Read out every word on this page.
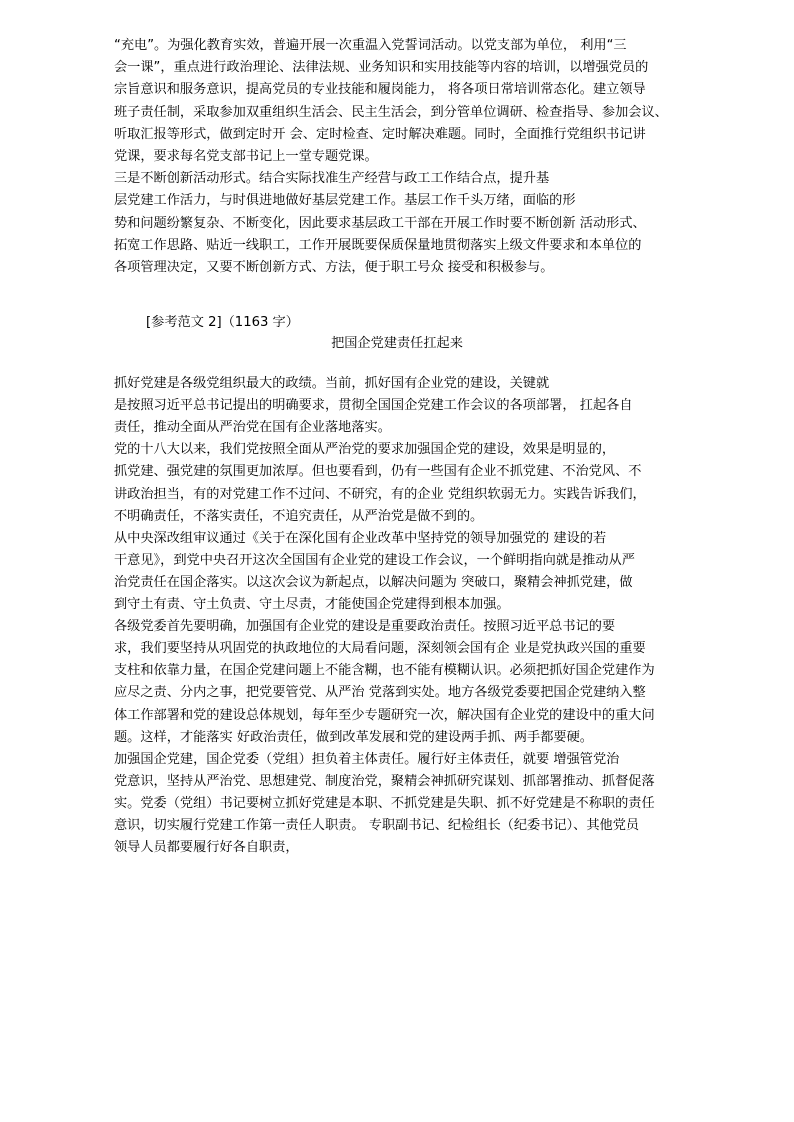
“充电”。为强化教育实效，普遍开展一次重温入党誓词活动。以党支部为单位， 利用“三
会一课”，重点进行政治理论、法律法规、业务知识和实用技能等内容的培训，以增强党员的
宗旨意识和服务意识，提高党员的专业技能和履岗能力， 将各项日常培训常态化。建立领导
班子责任制，采取参加双重组织生活会、民主生活会，到分管单位调研、检查指导、参加会议、
听取汇报等形式，做到定时开 会、定时检查、定时解决难题。同时，全面推行党组织书记讲
党课，要求每名党支部书记上一堂专题党课。
三是不断创新活动形式。结合实际找准生产经营与政工工作结合点，提升基
层党建工作活力，与时俱进地做好基层党建工作。基层工作千头万绪，面临的形
势和问题纷繁复杂、不断变化，因此要求基层政工干部在开展工作时要不断创新 活动形式、
拓宽工作思路、贴近一线职工，工作开展既要保质保量地贯彻落实上级文件要求和本单位的
各项管理决定，又要不断创新方式、方法，便于职工号众 接受和积极参与。
[参考范文 2]（1163 字）
把国企党建责任扛起来
抓好党建是各级党组织最大的政绩。当前，抓好国有企业党的建设，关键就
是按照习近平总书记提出的明确要求，贯彻全国国企党建工作会议的各项部署， 扛起各自
责任，推动全面从严治党在国有企业落地落实。
党的十八大以来，我们党按照全面从严治党的要求加强国企党的建设，效果是明显的，
抓党建、强党建的氛围更加浓厚。但也要看到，仍有一些国有企业不抓党建、不治党风、不
讲政治担当，有的对党建工作不过问、不研究，有的企业 党组织软弱无力。实践告诉我们，
不明确责任，不落实责任，不追究责任，从严治党是做不到的。
从中央深改组审议通过《关于在深化国有企业改革中坚持党的领导加强党的 建设的若
干意见》，到党中央召开这次全国国有企业党的建设工作会议，一个鲜明指向就是推动从严
治党责任在国企落实。以这次会议为新起点，以解决问题为 突破口，聚精会神抓党建，做
到守土有责、守土负责、守土尽责，才能使国企党建得到根本加强。
各级党委首先要明确，加强国有企业党的建设是重要政治责任。按照习近平总书记的要
求，我们要坚持从巩固党的执政地位的大局看问题，深刻领会国有企 业是党执政兴国的重要
支柱和依靠力量，在国企党建问题上不能含糊，也不能有模糊认识。必须把抓好国企党建作为
应尽之责、分内之事，把党要管党、从严治 党落到实处。地方各级党委要把国企党建纳入整
体工作部署和党的建设总体规划，每年至少专题研究一次，解决国有企业党的建设中的重大问
题。这样，才能落实 好政治责任，做到改革发展和党的建设两手抓、两手都要硬。
加强国企党建，国企党委（党组）担负着主体责任。履行好主体责任，就要 增强管党治
党意识，坚持从严治党、思想建党、制度治党，聚精会神抓研究谋划、抓部署推动、抓督促落
实。党委（党组）书记要树立抓好党建是本职、不抓党建是失职、抓不好党建是不称职的责任
意识，切实履行党建工作第一责任人职责。 专职副书记、纪检组长（纪委书记）、其他党员
领导人员都要履行好各自职责，
